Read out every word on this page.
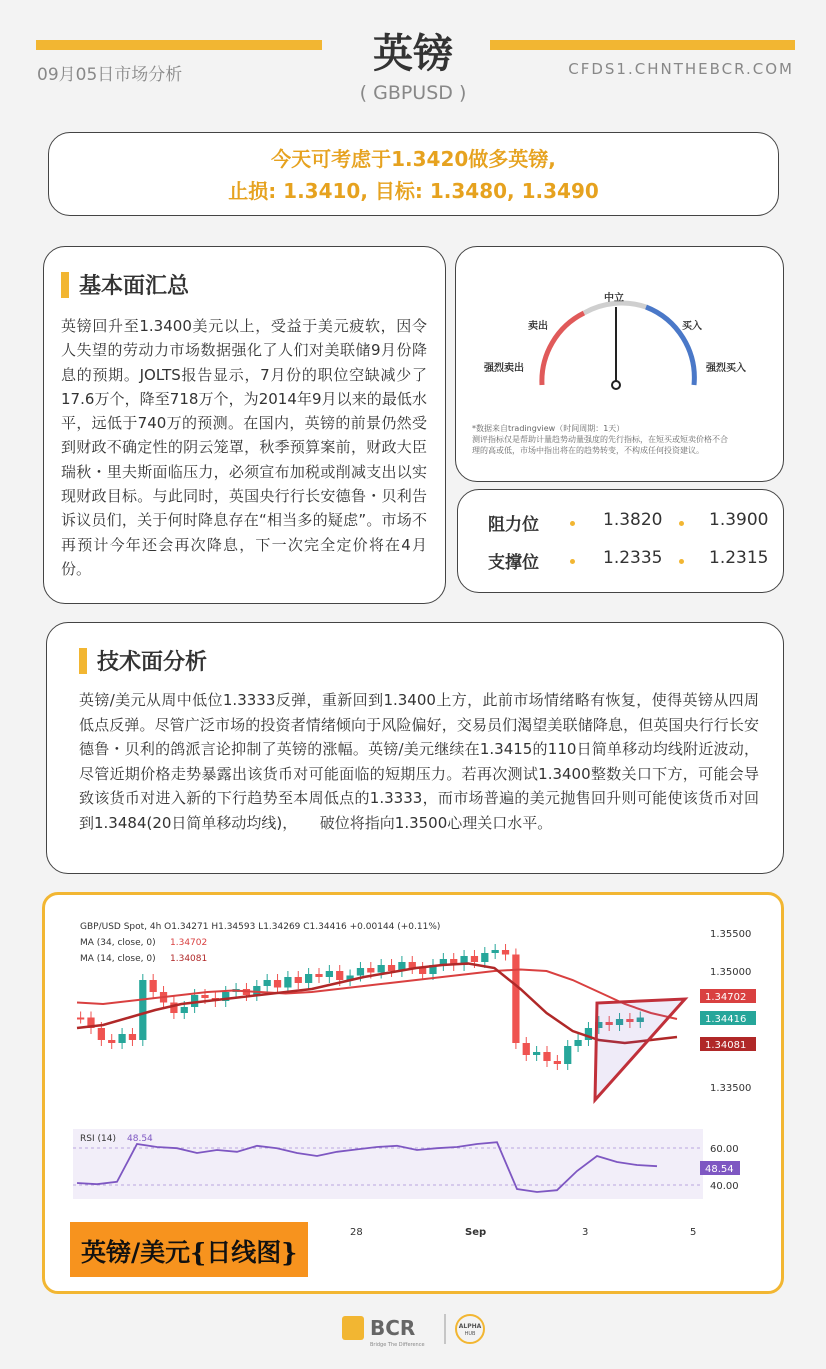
英镑
( GBPUSD )
09月05日市场分析	CFDS1.CHNTHEBCR.COM
今天可考虑于1.3420做多英镑,
止损: 1.3410, 目标: 1.3480, 1.3490
基本面汇总

英镑回升至1.3400美元以上，受益于美元疲软，因令人失望的劳动力市场数据强化了人们对美联储9月份降息的预期。JOLTS报告显示，7月份的职位空缺减少了17.6万个，降至718万个，为2014年9月以来的最低水平，远低于740万的预测。在国内，英镑的前景仍然受到财政不确定性的阴云笼罩，秋季预算案前，财政大臣瑞秋・里夫斯面临压力，必须宣布加税或削减支出以实现财政目标。与此同时，英国央行行长安德鲁・贝利告诉议员们，关于何时降息存在“相当多的疑虑”。市场不再预计今年还会再次降息，下一次完全定价将在4月份。

中立
卖出	买入
强烈卖出	强烈买入
*数据来自tradingview（时间周期：1天）
测评指标仅是帮助计量趋势动量强度的先行指标，在短买或短卖价格不合
理的高或低，市场中指出将在的趋势转变，不构成任何投资建议。
阻力位	1.3820	1.3900
支撑位	1.2335	1.2315
技术面分析

英镑/美元从周中低位1.3333反弹，重新回到1.3400上方，此前市场情绪略有恢复，使得英镑从四周低点反弹。尽管广泛市场的投资者情绪倾向于风险偏好，交易员们渴望美联储降息，但英国央行行长安德鲁・贝利的鸽派言论抑制了英镑的涨幅。英镑/美元继续在1.3415的110日简单移动均线附近波动，尽管近期价格走势暴露出该货币对可能面临的短期压力。若再次测试1.3400整数关口下方，可能会导致该货币对进入新的下行趋势至本周低点的1.3333，而市场普遍的美元抛售回升则可能使该货币对回到1.3484(20日简单移动均线)，　　破位将指向1.3500心理关口水平。

GBP/USD Spot, 4h O1.34271 H1.34593 L1.34269 C1.34416 +0.00144 (+0.11%)
MA (34, close, 0) 1.34702
MA (14, close, 0) 1.34081
1.35500
1.35000
1.33500
1.34702
1.34416
1.34081
RSI (14) 48.54
60.00
48.54
40.00
28	Sep	3	5
英镑/美元{日线图}
BCR
Bridge The Difference
ALPHA
HUB
